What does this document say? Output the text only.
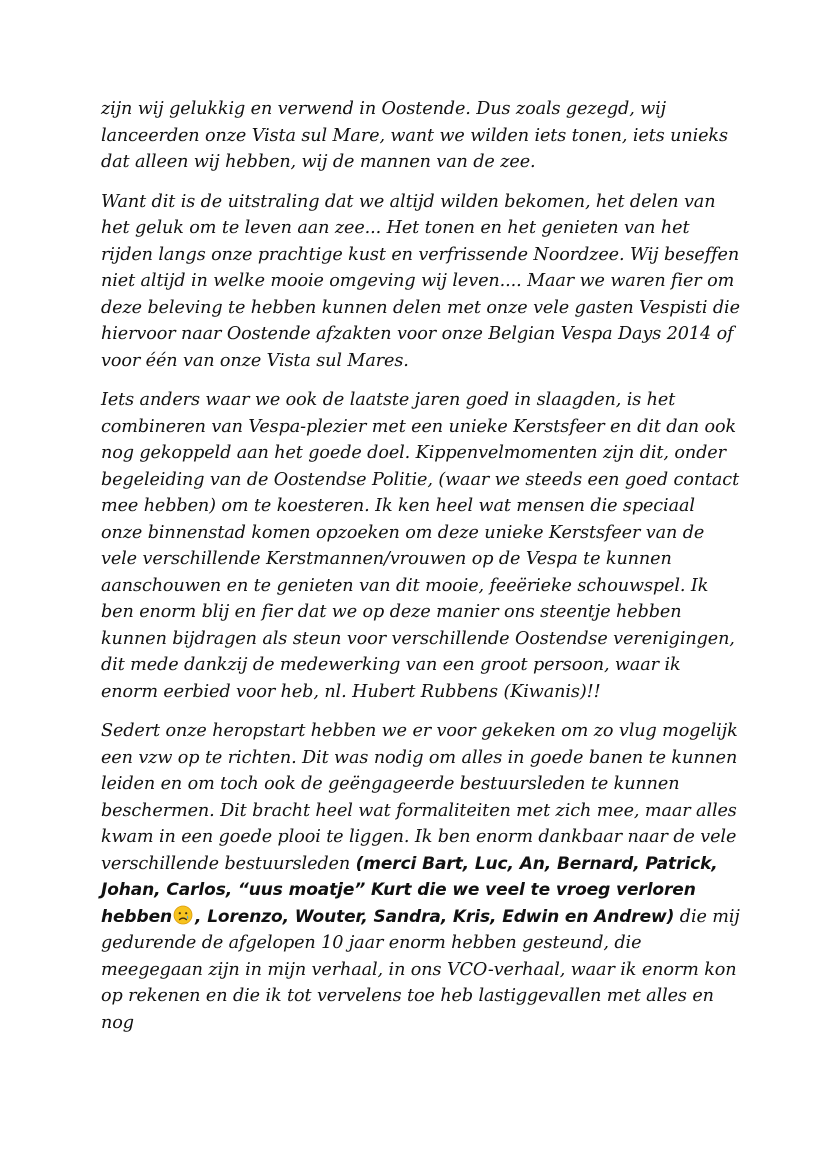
zijn wij gelukkig en verwend in Oostende. Dus zoals gezegd, wij lanceerden onze Vista sul Mare, want we wilden iets tonen, iets unieks dat alleen wij hebben, wij de mannen van de zee.

Want dit is de uitstraling dat we altijd wilden bekomen, het delen van het geluk om te leven aan zee... Het tonen en het genieten van het rijden langs onze prachtige kust en verfrissende Noordzee. Wij beseffen niet altijd in welke mooie omgeving wij leven.... Maar we waren fier om deze beleving te hebben kunnen delen met onze vele gasten Vespisti die hiervoor naar Oostende afzakten voor onze Belgian Vespa Days 2014 of voor één van onze Vista sul Mares.

Iets anders waar we ook de laatste jaren goed in slaagden, is het combineren van Vespa-plezier met een unieke Kerstsfeer en dit dan ook nog gekoppeld aan het goede doel. Kippenvelmomenten zijn dit, onder begeleiding van de Oostendse Politie, (waar we steeds een goed contact mee hebben) om te koesteren. Ik ken heel wat mensen die speciaal onze binnenstad komen opzoeken om deze unieke Kerstsfeer van de vele verschillende Kerstmannen/vrouwen op de Vespa te kunnen aanschouwen en te genieten van dit mooie, feeërieke schouwspel. Ik ben enorm blij en fier dat we op deze manier ons steentje hebben kunnen bijdragen als steun voor verschillende Oostendse verenigingen, dit mede dankzij de medewerking van een groot persoon, waar ik enorm eerbied voor heb, nl. Hubert Rubbens (Kiwanis)!!

Sedert onze heropstart hebben we er voor gekeken om zo vlug mogelijk een vzw op te richten. Dit was nodig om alles in goede banen te kunnen leiden en om toch ook de geëngageerde bestuursleden te kunnen beschermen. Dit bracht heel wat formaliteiten met zich mee, maar alles kwam in een goede plooi te liggen. Ik ben enorm dankbaar naar de vele verschillende bestuursleden (merci Bart, Luc, An, Bernard, Patrick, Johan, Carlos, “uus moatje” Kurt die we veel te vroeg verloren hebben , Lorenzo, Wouter, Sandra, Kris, Edwin en Andrew) die mij gedurende de afgelopen 10 jaar enorm hebben gesteund, die meegegaan zijn in mijn verhaal, in ons VCO-verhaal, waar ik enorm kon op rekenen en die ik tot vervelens toe heb lastiggevallen met alles en nog
